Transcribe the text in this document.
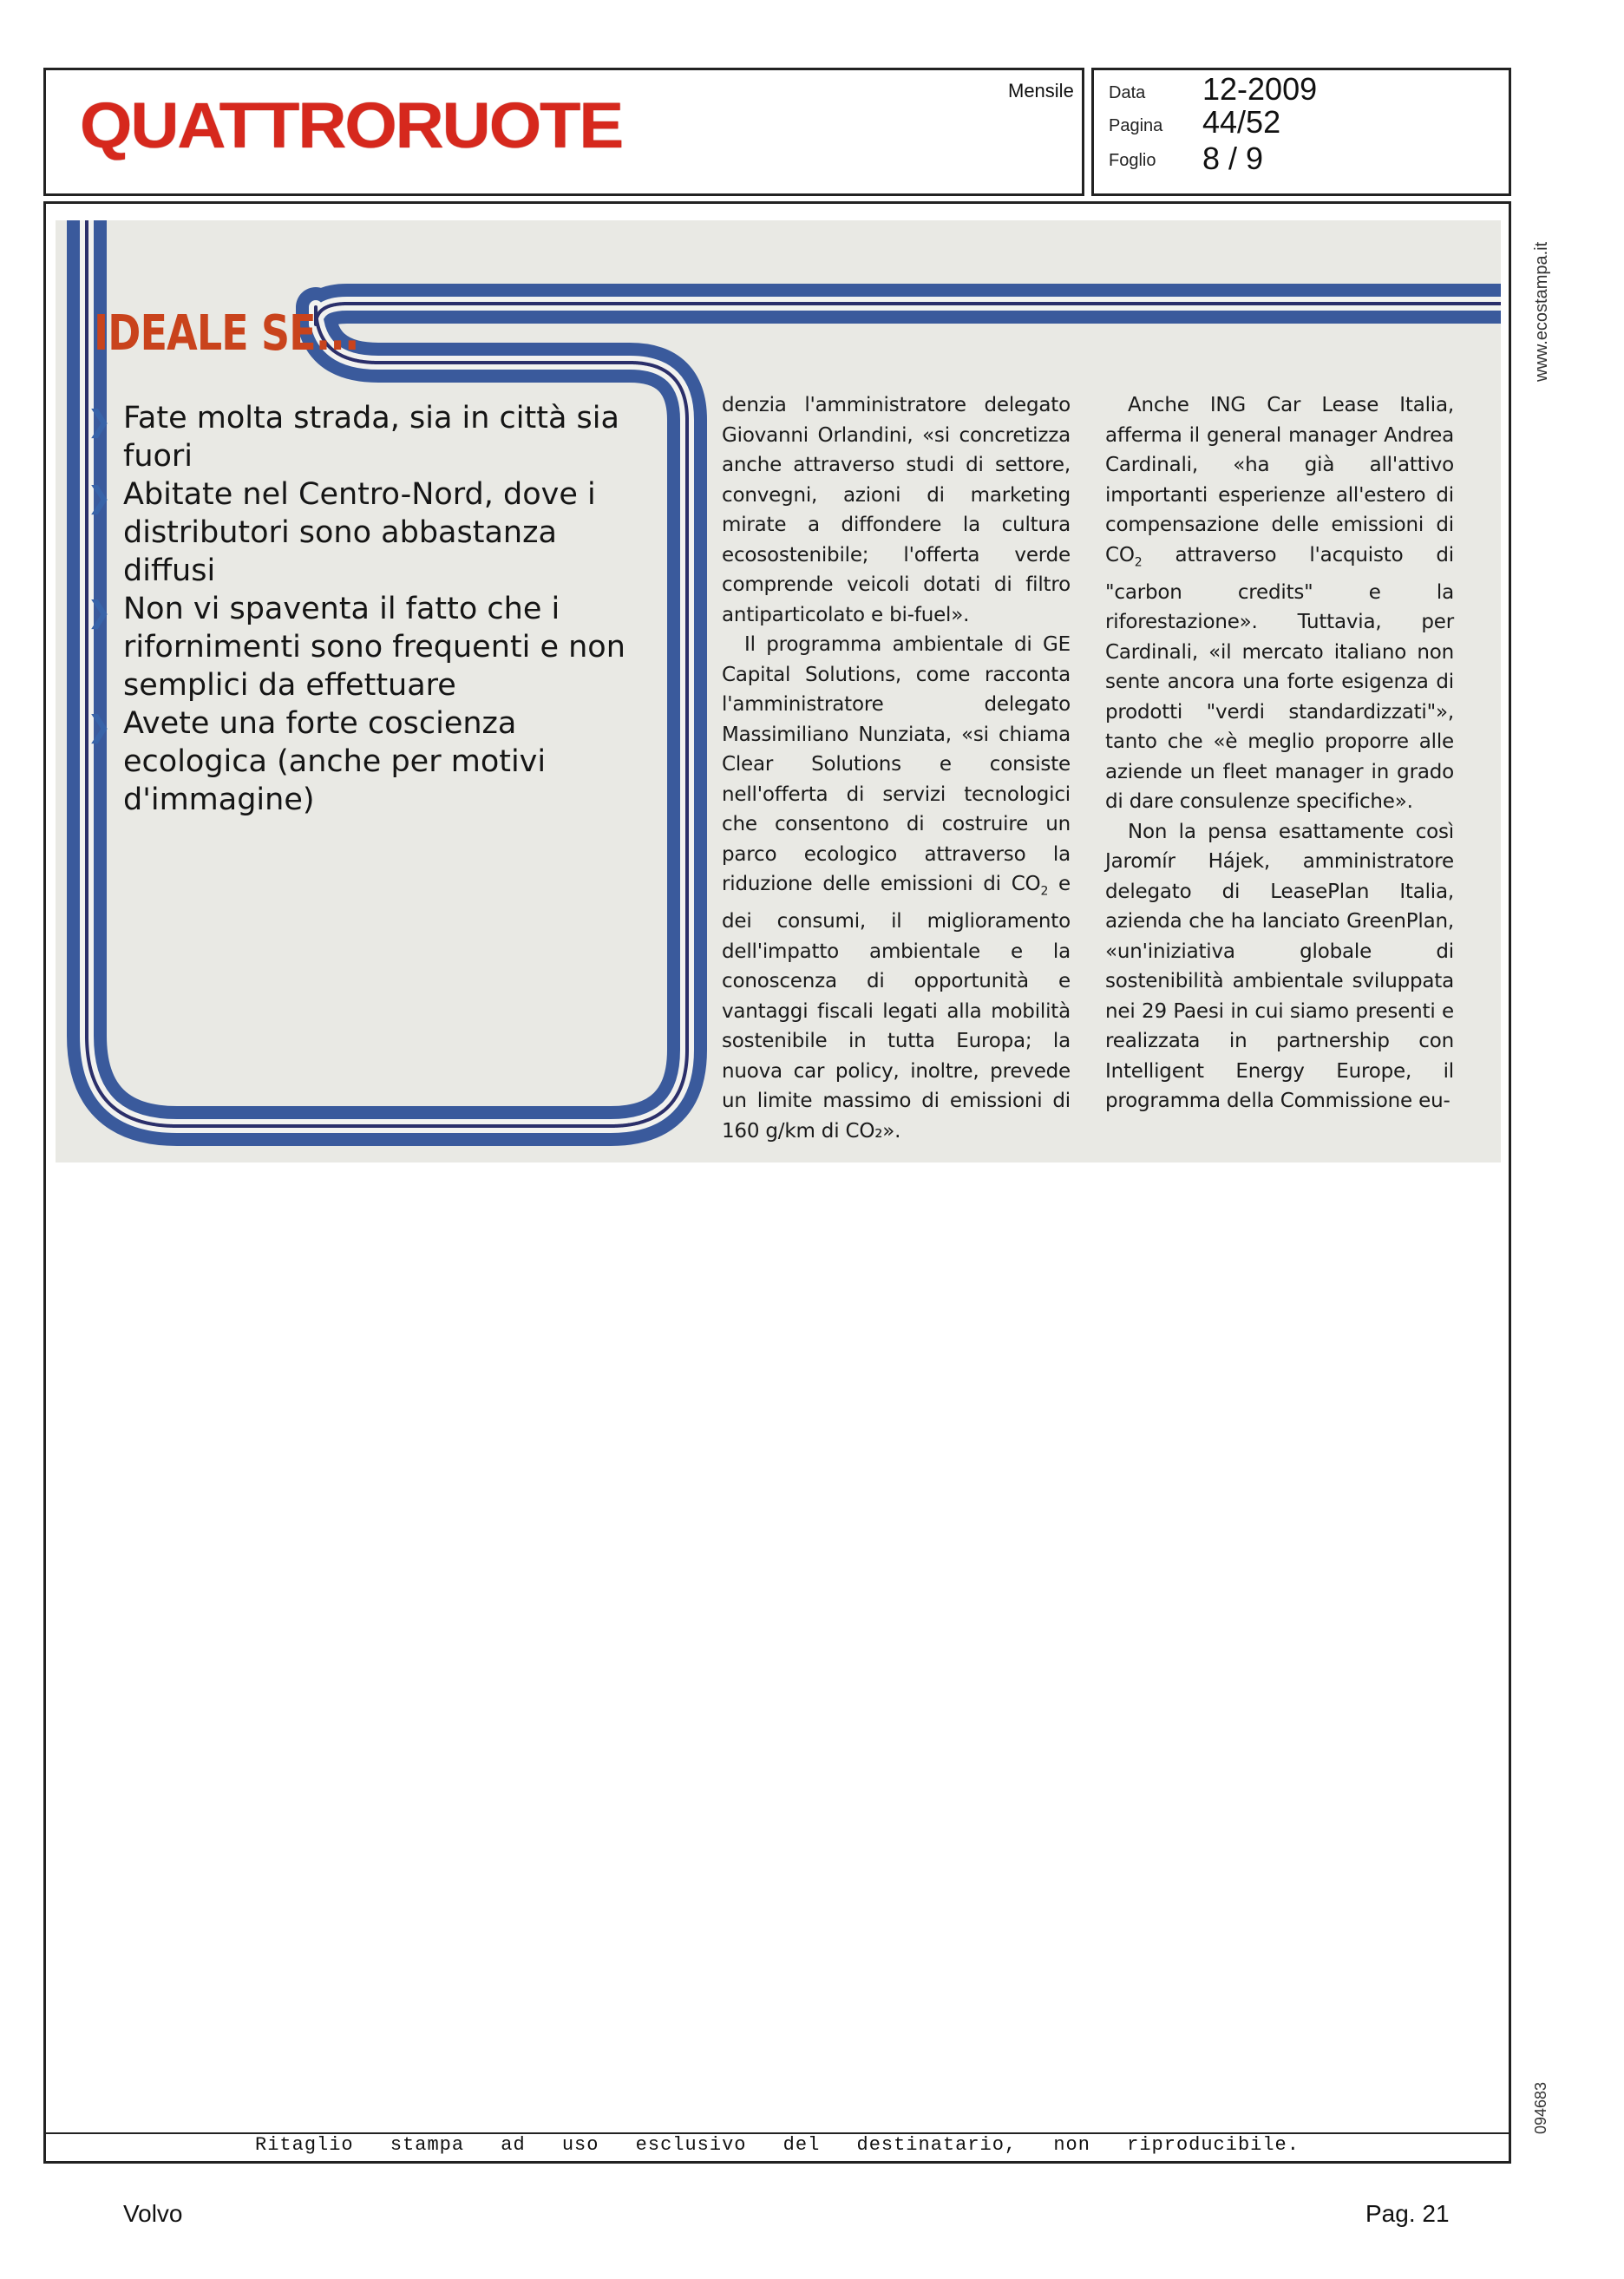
QUATTRORUOTE	Mensile Data 12-2009
Pagina 44/52
Foglio 8 / 9
IDEALE SE...
❯ Fate molta strada, sia in città sia fuori
❯ Abitate nel Centro-Nord, dove i distributori sono abbastanza diffusi
❯ Non vi spaventa il fatto che i rifornimenti sono frequenti e non semplici da effettuare
❯ Avete una forte coscienza ecologica (anche per motivi d'immagine)

denzia l'amministratore delegato Giovanni Orlandini, «si concretizza anche attraverso studi di settore, convegni, azioni di marketing mirate a diffondere la cultura ecosostenibile; l'offerta verde comprende veicoli dotati di filtro antiparticolato e bi-fuel».

Il programma ambientale di GE Capital Solutions, come racconta l'amministratore delegato Massimiliano Nunziata, «si chiama Clear Solutions e consiste nell'offerta di servizi tecnologici che consentono di costruire un parco ecologico attraverso la riduzione delle emissioni di $CO_2$ e dei consumi, il miglioramento dell'impatto ambientale e la conoscenza di opportunità e vantaggi fiscali legati alla mobilità sostenibile in tutta Europa; la nuova car policy, inoltre, prevede un limite massimo di emissioni di 160 g/km di CO₂».

Anche ING Car Lease Italia, afferma il general manager Andrea Cardinali, «ha già all'attivo importanti esperienze all'estero di compensazione delle emissioni di $CO_2$ attraverso l'acquisto di "carbon credits" e la riforestazione». Tuttavia, per Cardinali, «il mercato italiano non sente ancora una forte esigenza di prodotti "verdi standardizzati"», tanto che «è meglio proporre alle aziende un fleet manager in grado di dare consulenze specifiche».

Non la pensa esattamente così Jaromír Hájek, amministratore delegato di LeasePlan Italia, azienda che ha lanciato GreenPlan, «un'iniziativa globale di sostenibilità ambientale sviluppata nei 29 Paesi in cui siamo presenti e realizzata in partnership con Intelligent Energy Europe, il programma della Commissione eu-

www.ecostampa.it
094683
Ritaglio stampa ad uso esclusivo del destinatario, non riproducibile.
Volvo	Pag. 21
